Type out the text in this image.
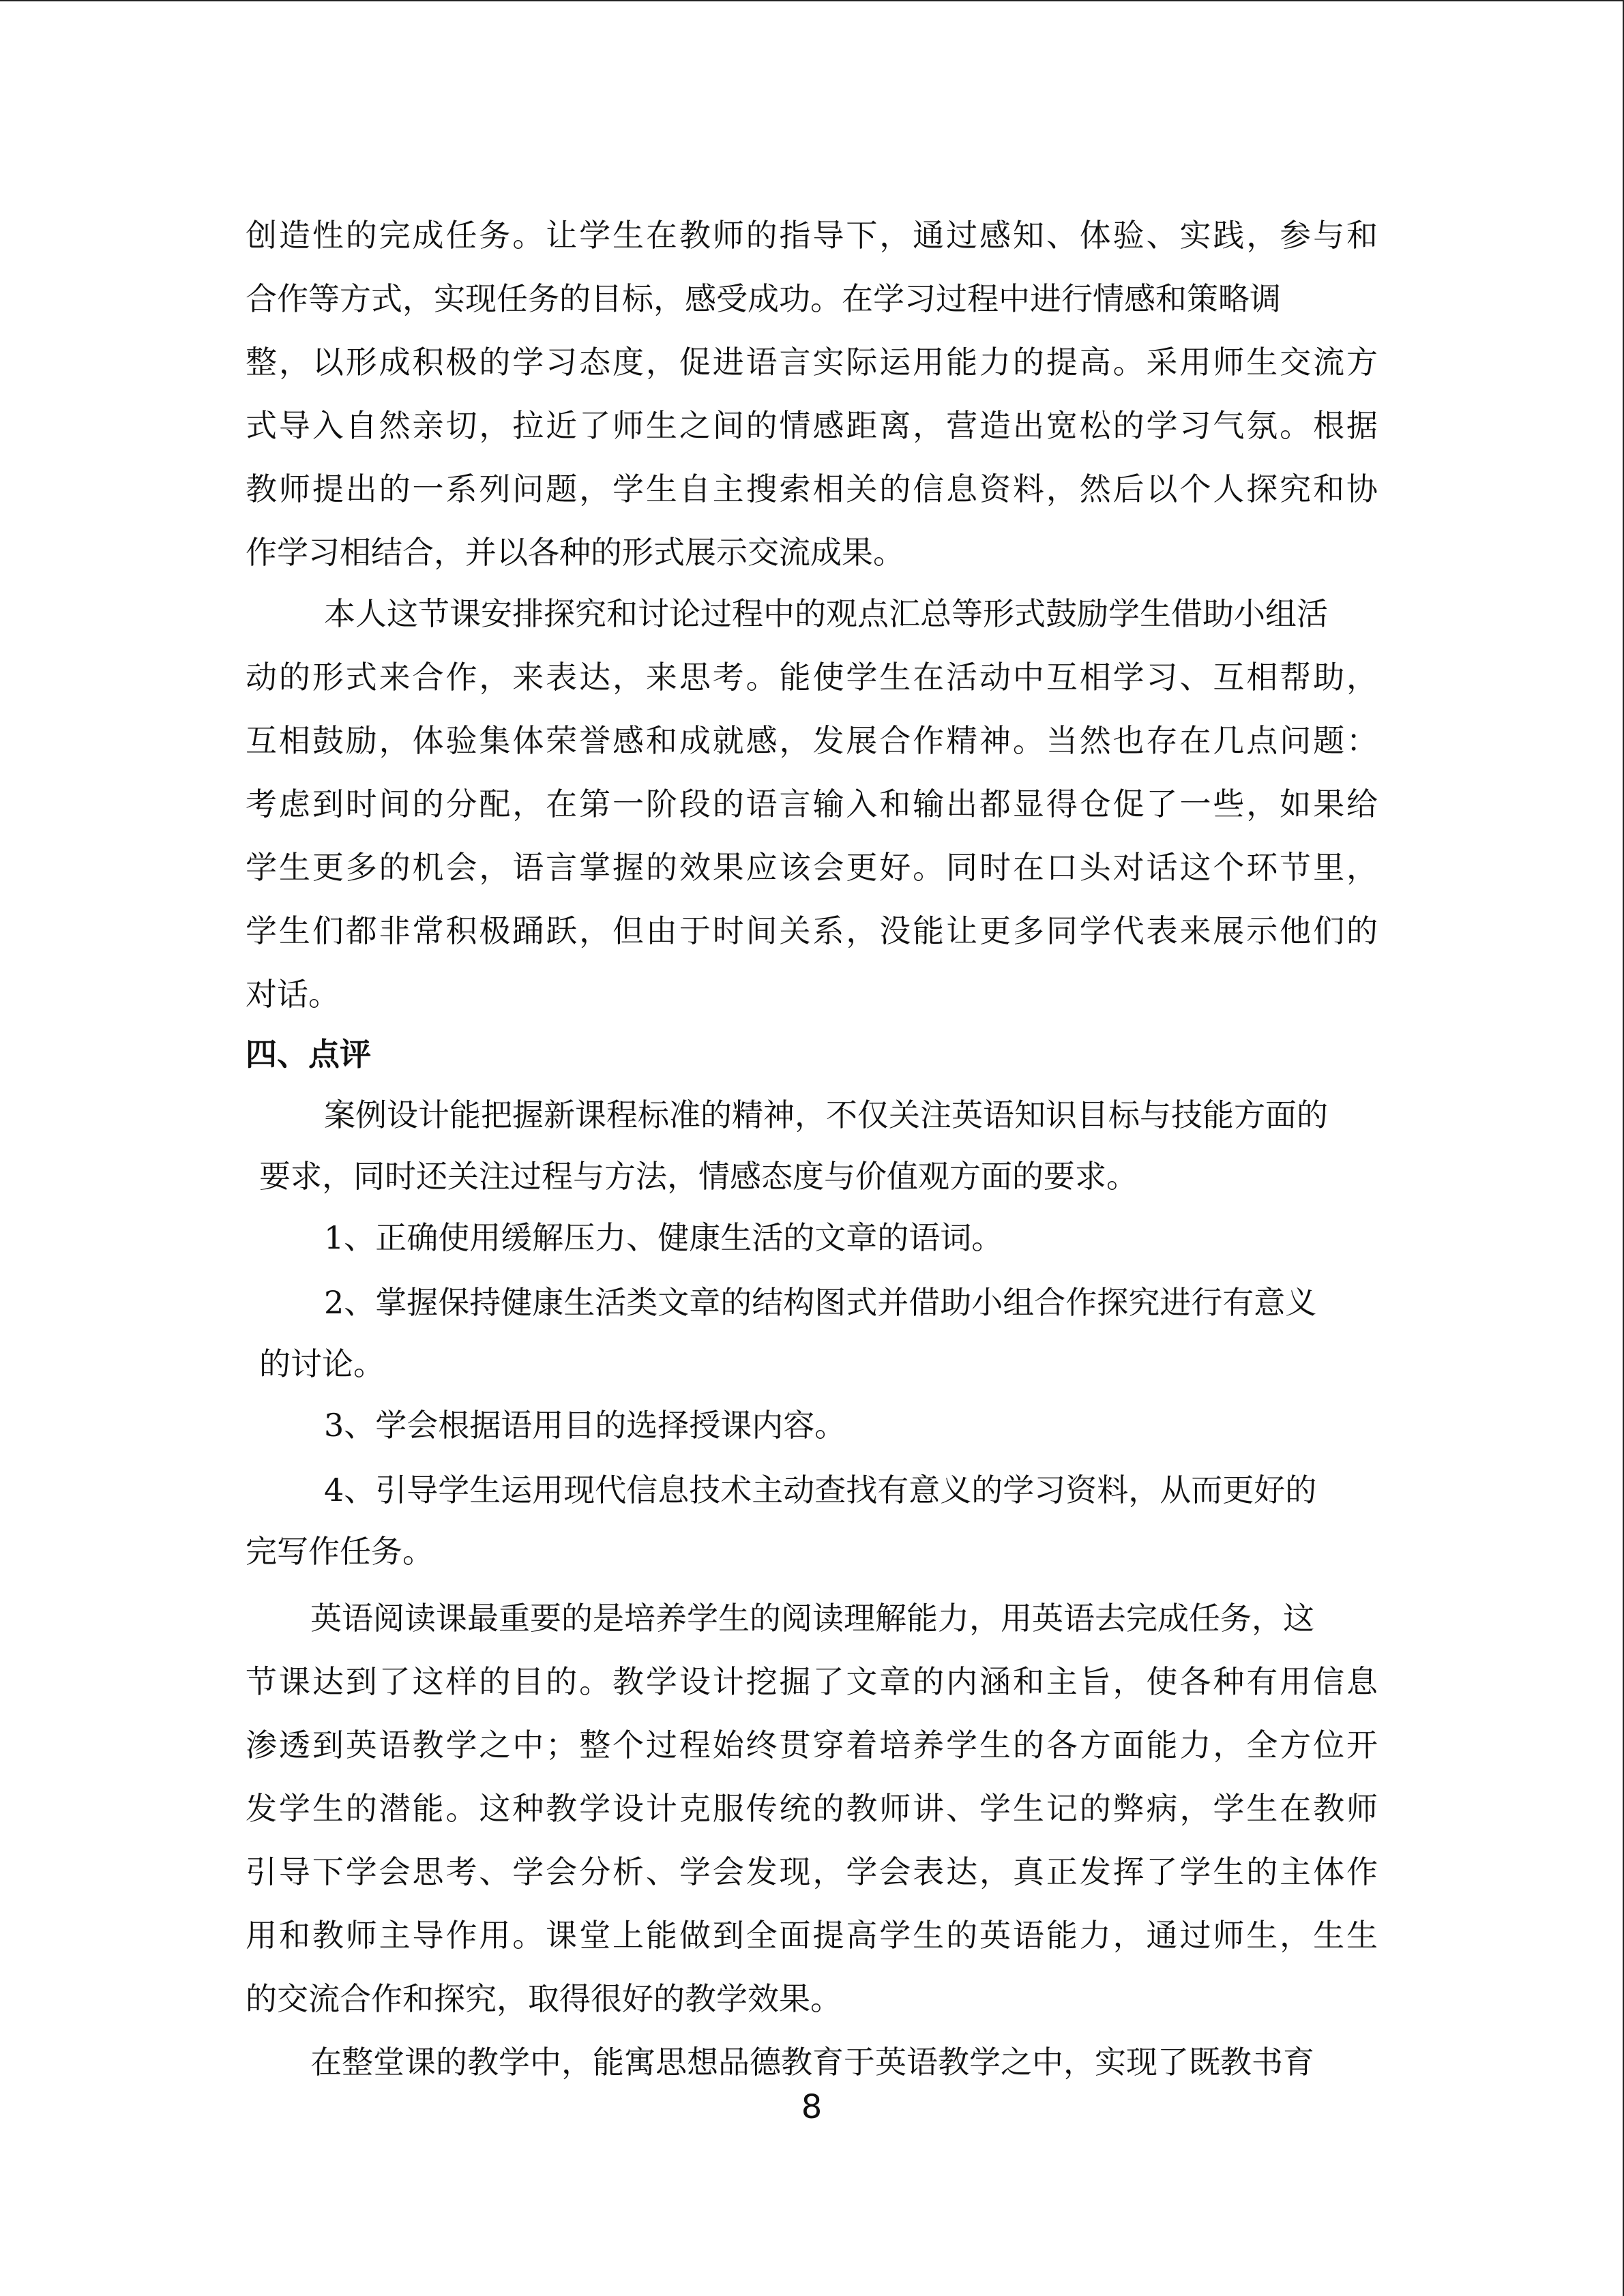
创造性的完成任务。让学生在教师的指导下，通过感知、体验、实践，参与和
合作等方式，实现任务的目标，感受成功。在学习过程中进行情感和策略调
整，以形成积极的学习态度，促进语言实际运用能力的提高。采用师生交流方
式导入自然亲切，拉近了师生之间的情感距离，营造出宽松的学习气氛。根据
教师提出的一系列问题，学生自主搜索相关的信息资料，然后以个人探究和协
作学习相结合，并以各种的形式展示交流成果。
本人这节课安排探究和讨论过程中的观点汇总等形式鼓励学生借助小组活
动的形式来合作，来表达，来思考。能使学生在活动中互相学习、互相帮助，
互相鼓励，体验集体荣誉感和成就感，发展合作精神。当然也存在几点问题：
考虑到时间的分配，在第一阶段的语言输入和输出都显得仓促了一些，如果给
学生更多的机会，语言掌握的效果应该会更好。同时在口头对话这个环节里，
学生们都非常积极踊跃，但由于时间关系，没能让更多同学代表来展示他们的
对话。
四、点评
案例设计能把握新课程标准的精神，不仅关注英语知识目标与技能方面的
要求，同时还关注过程与方法，情感态度与价值观方面的要求。
1、正确使用缓解压力、健康生活的文章的语词。
2、掌握保持健康生活类文章的结构图式并借助小组合作探究进行有意义
的讨论。
3、学会根据语用目的选择授课内容。
4、引导学生运用现代信息技术主动查找有意义的学习资料，从而更好的
完写作任务。
英语阅读课最重要的是培养学生的阅读理解能力，用英语去完成任务，这
节课达到了这样的目的。教学设计挖掘了文章的内涵和主旨，使各种有用信息
渗透到英语教学之中；整个过程始终贯穿着培养学生的各方面能力，全方位开
发学生的潜能。这种教学设计克服传统的教师讲、学生记的弊病，学生在教师
引导下学会思考、学会分析、学会发现，学会表达，真正发挥了学生的主体作
用和教师主导作用。课堂上能做到全面提高学生的英语能力，通过师生，生生
的交流合作和探究，取得很好的教学效果。
在整堂课的教学中，能寓思想品德教育于英语教学之中，实现了既教书育
8
